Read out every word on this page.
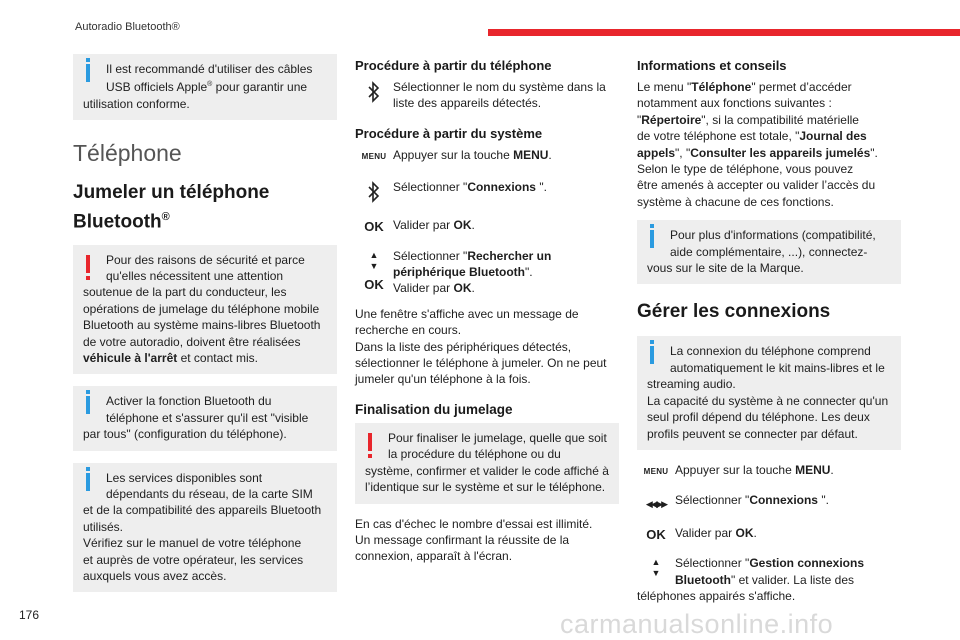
Autoradio Bluetooth®
176	carmanualsonline.info
Il est recommandé d'utiliser des câbles
USB officiels Apple® pour garantir une
utilisation conforme.
Téléphone
Jumeler un téléphone
Bluetooth®
Pour des raisons de sécurité et parce
qu'elles nécessitent une attention
soutenue de la part du conducteur, les
opérations de jumelage du téléphone mobile
Bluetooth au système mains-libres Bluetooth
de votre autoradio, doivent être réalisées
véhicule à l'arrêt et contact mis.
Activer la fonction Bluetooth du
téléphone et s'assurer qu'il est "visible
par tous" (configuration du téléphone).
Les services disponibles sont
dépendants du réseau, de la carte SIM
et de la compatibilité des appareils Bluetooth
utilisés.
Vérifiez sur le manuel de votre téléphone
et auprès de votre opérateur, les services
auxquels vous avez accès.
Procédure à partir du téléphone
Sélectionner le nom du système dans la
liste des appareils détectés.
Procédure à partir du système
MENU Appuyer sur la touche MENU.
Sélectionner "Connexions ".
OK Valider par OK.
▲
▼
OK
Sélectionner "Rechercher un
périphérique Bluetooth".
Valider par OK.
Une fenêtre s'affiche avec un message de
recherche en cours.
Dans la liste des périphériques détectés,
sélectionner le téléphone à jumeler. On ne peut
jumeler qu'un téléphone à la fois.
Finalisation du jumelage
Pour finaliser le jumelage, quelle que soit
la procédure du téléphone ou du
système, confirmer et valider le code affiché à
l’identique sur le système et sur le téléphone.
En cas d'échec le nombre d'essai est illimité.
Un message confirmant la réussite de la
connexion, apparaît à l'écran.
Informations et conseils
Le menu "Téléphone" permet d’accéder
notamment aux fonctions suivantes :
"Répertoire", si la compatibilité matérielle
de votre téléphone est totale, "Journal des
appels", "Consulter les appareils jumelés".
Selon le type de téléphone, vous pouvez
être amenés à accepter ou valider l’accès du
système à chacune de ces fonctions.
Pour plus d'informations (compatibilité,
aide complémentaire, ...), connectez-
vous sur le site de la Marque.
Gérer les connexions
La connexion du téléphone comprend
automatiquement le kit mains-libres et le
streaming audio.
La capacité du système à ne connecter qu'un
seul profil dépend du téléphone. Les deux
profils peuvent se connecter par défaut.
MENU Appuyer sur la touche MENU.
◀◀ ▶▶ Sélectionner "Connexions ".
OK Valider par OK.
▲
▼
Sélectionner "Gestion connexions
Bluetooth" et valider. La liste des
téléphones appairés s'affiche.
